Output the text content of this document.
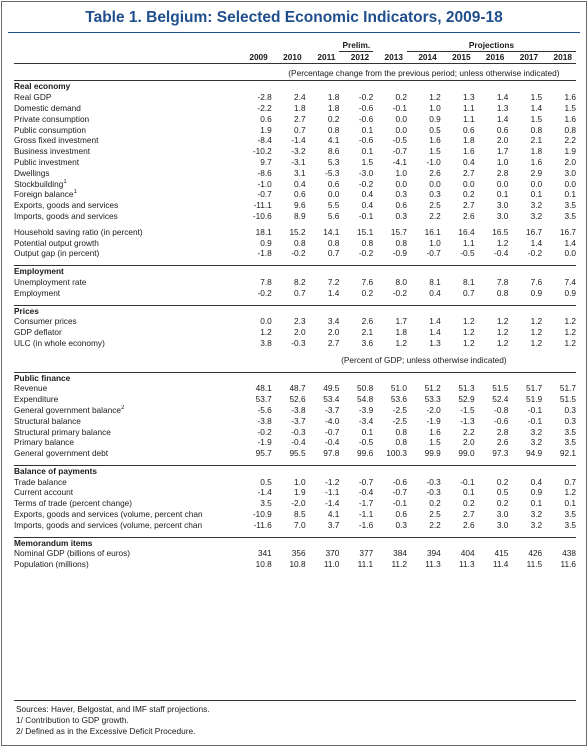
Table 1. Belgium: Selected Economic Indicators, 2009-18
				Prelim.		Projections				
	2009	2010	2011	2012	2013	2014	2015	2016	2017	2018

		(Percentage change from the previous period; unless otherwise indicated)								

Real economy										
Real GDP	-2.8	2.4	1.8	-0.2	0.2	1.2	1.3	1.4	1.5	1.6
Domestic demand	-2.2	1.8	1.8	-0.6	-0.1	1.0	1.1	1.3	1.4	1.5
Private consumption	0.6	2.7	0.2	-0.6	0.0	0.9	1.1	1.4	1.5	1.6
Public consumption	1.9	0.7	0.8	0.1	0.0	0.5	0.6	0.6	0.8	0.8
Gross fixed investment	-8.4	-1.4	4.1	-0.6	-0.5	1.6	1.8	2.0	2.1	2.2
Business investment	-10.2	-3.2	8.6	0.1	-0.7	1.5	1.6	1.7	1.8	1.9
Public investment	9.7	-3.1	5.3	1.5	-4.1	-1.0	0.4	1.0	1.6	2.0
Dwellings	-8.6	3.1	-5.3	-3.0	1.0	2.6	2.7	2.8	2.9	3.0
Stockbuilding$^1$	-1.0	0.4	0.6	-0.2	0.0	0.0	0.0	0.0	0.0	0.0
Foreign balance$^1$	-0.7	0.6	0.0	0.4	0.3	0.3	0.2	0.1	0.1	0.1
Exports, goods and services	-11.1	9.6	5.5	0.4	0.6	2.5	2.7	3.0	3.2	3.5
Imports, goods and services	-10.6	8.9	5.6	-0.1	0.3	2.2	2.6	3.0	3.2	3.5

Household saving ratio (in percent)	18.1	15.2	14.1	15.1	15.7	16.1	16.4	16.5	16.7	16.7
Potential output growth	0.9	0.8	0.8	0.8	0.8	1.0	1.1	1.2	1.4	1.4
Output gap (in percent)	-1.8	-0.2	0.7	-0.2	-0.9	-0.7	-0.5	-0.4	-0.2	0.0

Employment										
Unemployment rate	7.8	8.2	7.2	7.6	8.0	8.1	8.1	7.8	7.6	7.4
Employment	-0.2	0.7	1.4	0.2	-0.2	0.4	0.7	0.8	0.9	0.9

Prices										
Consumer prices	0.0	2.3	3.4	2.6	1.7	1.4	1.2	1.2	1.2	1.2
GDP deflator	1.2	2.0	2.0	2.1	1.8	1.4	1.2	1.2	1.2	1.2
ULC (in whole economy)	3.8	-0.3	2.7	3.6	1.2	1.3	1.2	1.2	1.2	1.2

		(Percent of GDP; unless otherwise indicated)								

Public finance										
Revenue	48.1	48.7	49.5	50.8	51.0	51.2	51.3	51.5	51.7	51.7
Expenditure	53.7	52.6	53.4	54.8	53.6	53.3	52.9	52.4	51.9	51.5
General government balance$^2$	-5.6	-3.8	-3.7	-3.9	-2.5	-2.0	-1.5	-0.8	-0.1	0.3
Structural balance	-3.8	-3.7	-4.0	-3.4	-2.5	-1.9	-1.3	-0.6	-0.1	0.3
Structural primary balance	-0.2	-0.3	-0.7	0.1	0.8	1.6	2.2	2.8	3.2	3.5
Primary balance	-1.9	-0.4	-0.4	-0.5	0.8	1.5	2.0	2.6	3.2	3.5
General government debt	95.7	95.5	97.8	99.6	100.3	99.9	99.0	97.3	94.9	92.1

Balance of payments										
Trade balance	0.5	1.0	-1.2	-0.7	-0.6	-0.3	-0.1	0.2	0.4	0.7
Current account	-1.4	1.9	-1.1	-0.4	-0.7	-0.3	0.1	0.5	0.9	1.2
Terms of trade (percent change)	3.5	-2.0	-1.4	-1.7	-0.1	0.2	0.2	0.2	0.1	0.1
Exports, goods and services (volume, percent chan	-10.9	8.5	4.1	-1.1	0.6	2.5	2.7	3.0	3.2	3.5
Imports, goods and services (volume, percent chan	-11.6	7.0	3.7	-1.6	0.3	2.2	2.6	3.0	3.2	3.5

Memorandum items										
Nominal GDP (billions of euros)	341	356	370	377	384	394	404	415	426	438
Population (millions)	10.8	10.8	11.0	11.1	11.2	11.3	11.3	11.4	11.5	11.6
Sources: Haver, Belgostat, and IMF staff projections.
1/ Contribution to GDP growth.
2/ Defined as in the Excessive Deficit Procedure.
